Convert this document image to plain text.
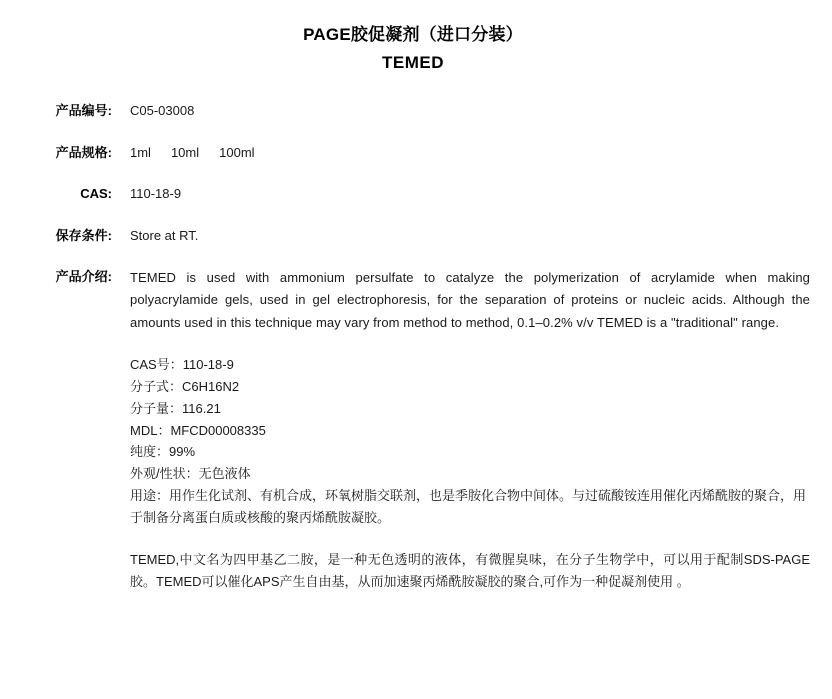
PAGE胶促凝剂（进口分装）
TEMED
产品编号:	C05-03008
产品规格:	1ml 10ml 100ml
CAS:	110-18-9
保存条件:	Store at RT.
产品介绍: TEMED is used with ammonium persulfate to catalyze the polymerization of acrylamide when making polyacrylamide gels, used in gel electrophoresis, for the separation of proteins or nucleic acids. Although the amounts used in this technique may vary from method to method, 0.1–0.2% v/v TEMED is a "traditional" range.

CAS号：110-18-9
分子式：C6H16N2
分子量：116.21
MDL：MFCD00008335
纯度：99%
外观/性状：无色液体
用途：用作生化试剂、有机合成，环氧树脂交联剂，也是季胺化合物中间体。与过硫酸铵连用催化丙烯酰胺的聚合，用于制备分离蛋白质或核酸的聚丙烯酰胺凝胶。

TEMED,中文名为四甲基乙二胺，是一种无色透明的液体，有微腥臭味，在分子生物学中，可以用于配制SDS-PAGE胶。TEMED可以催化APS产生自由基，从而加速聚丙烯酰胺凝胶的聚合,可作为一种促凝剂使用 。
